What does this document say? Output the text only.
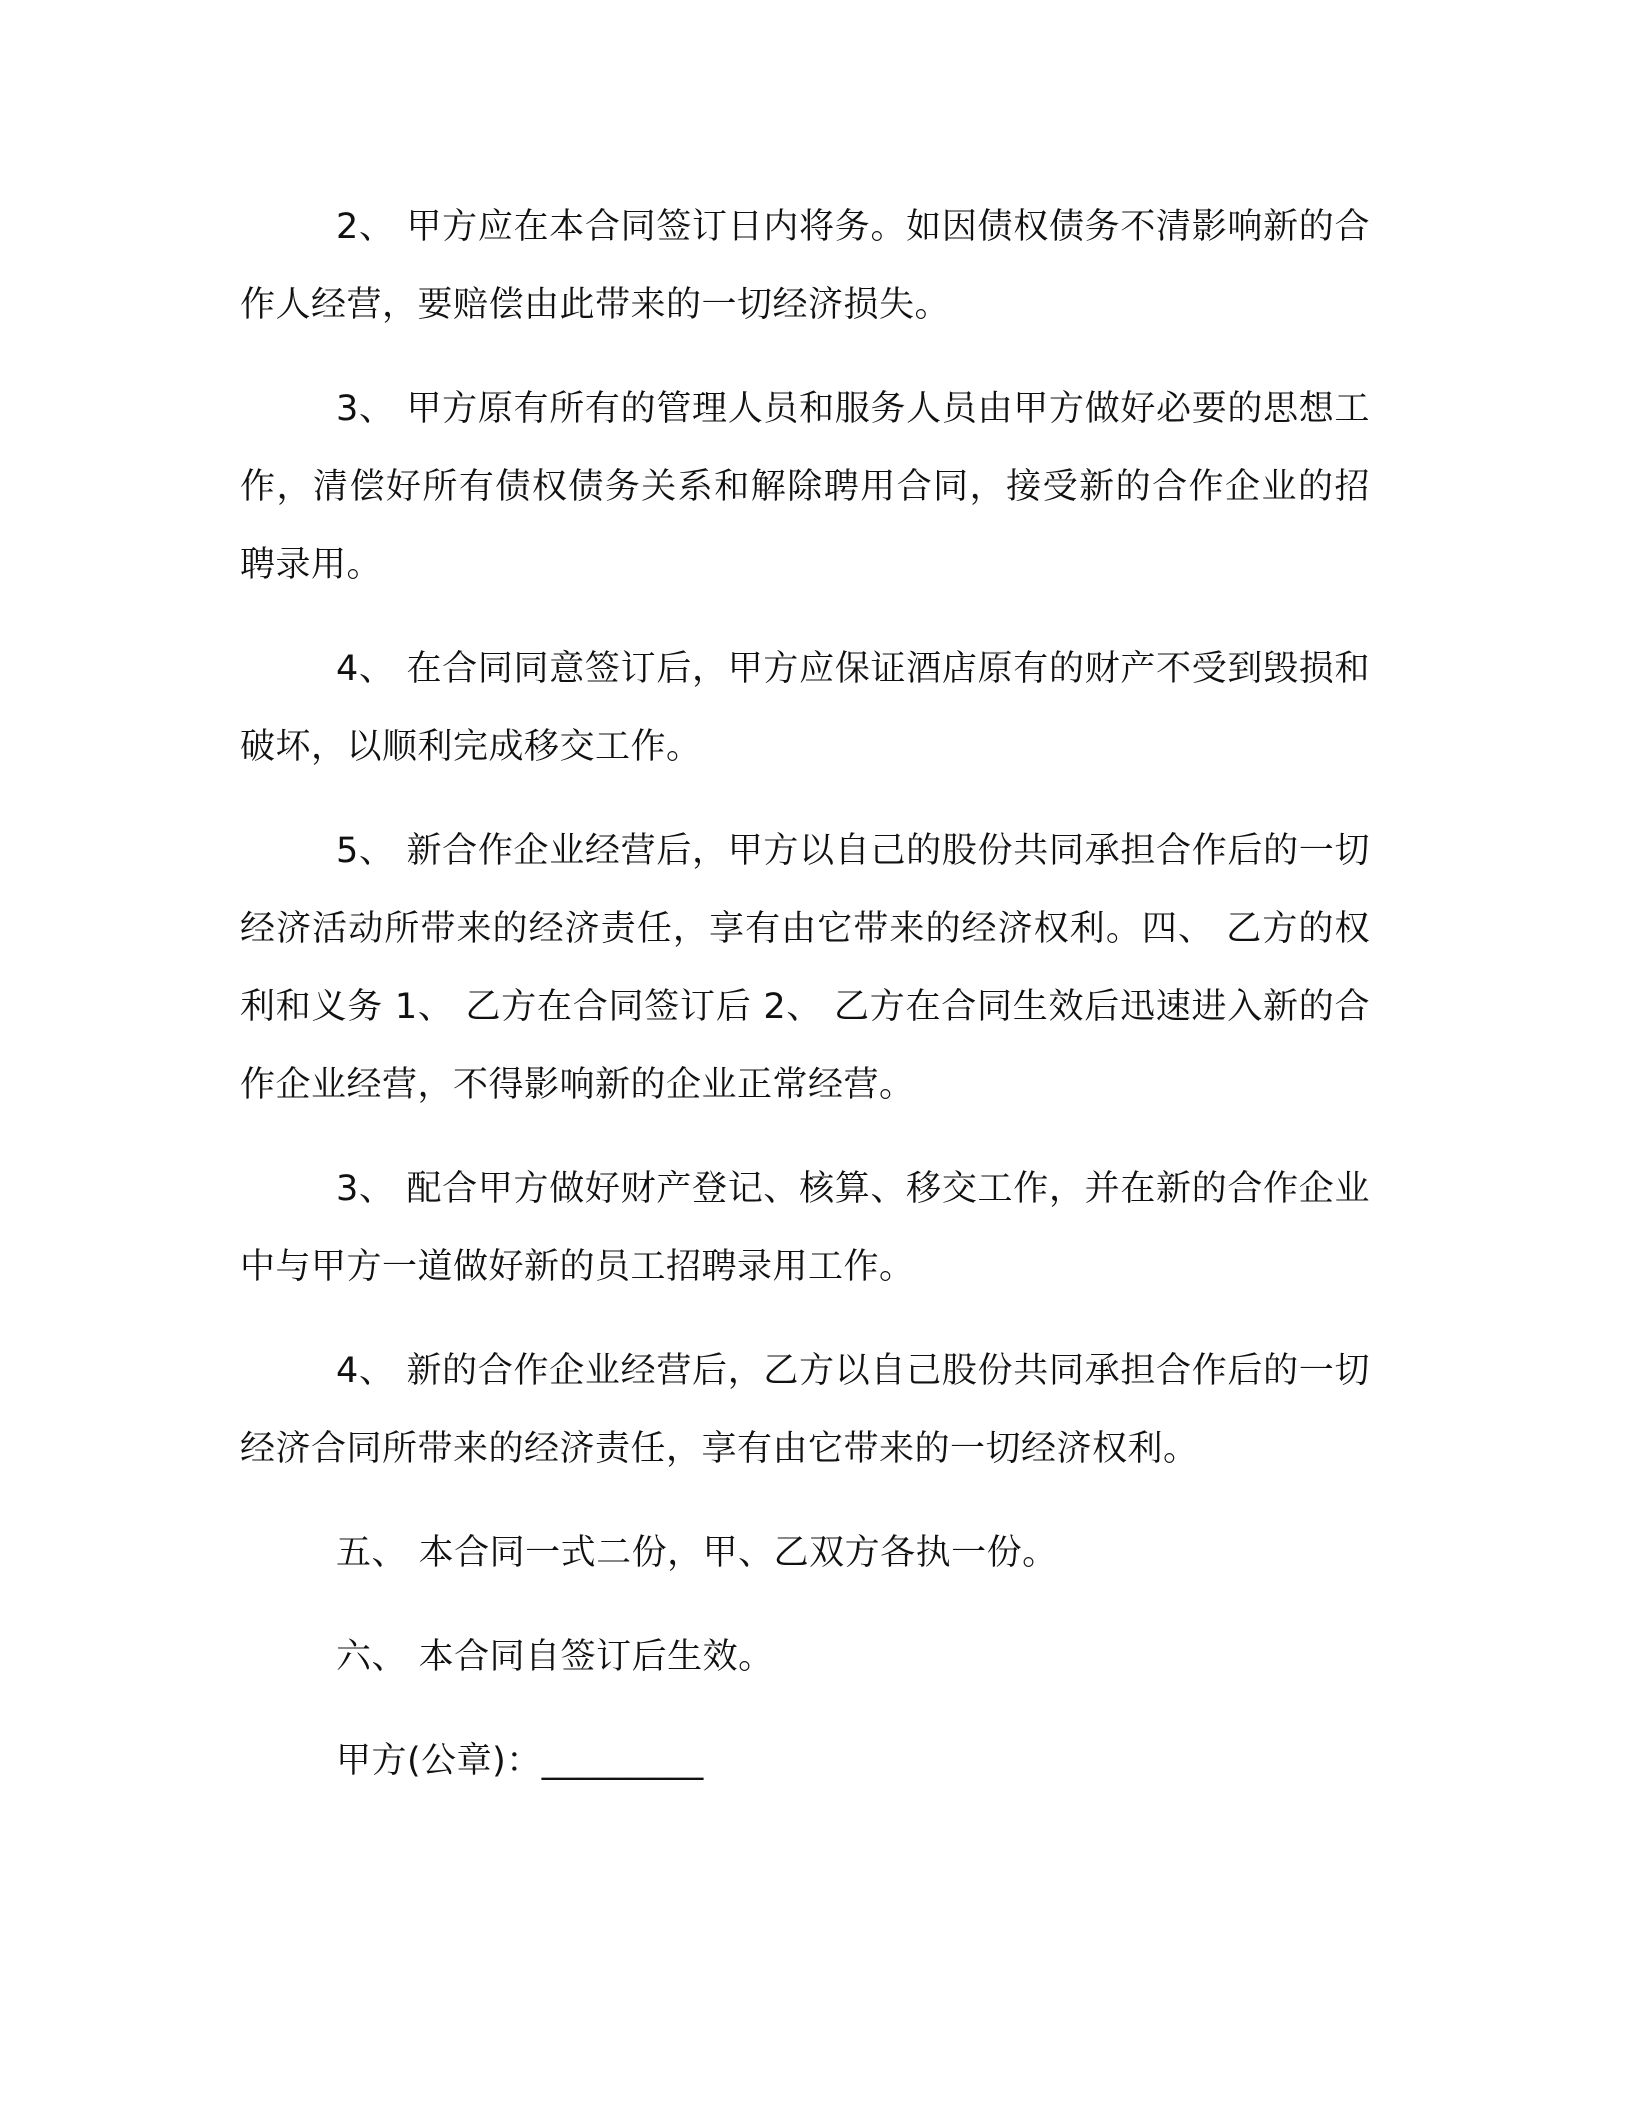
2、 甲方应在本合同签订日内将务。如因债权债务不清影响新的合作人经营，要赔偿由此带来的一切经济损失。

3、 甲方原有所有的管理人员和服务人员由甲方做好必要的思想工作，清偿好所有债权债务关系和解除聘用合同，接受新的合作企业的招聘录用。

4、 在合同同意签订后，甲方应保证酒店原有的财产不受到毁损和破坏，以顺利完成移交工作。

5、 新合作企业经营后，甲方以自己的股份共同承担合作后的一切经济活动所带来的经济责任，享有由它带来的经济权利。四、 乙方的权利和义务 1、 乙方在合同签订后 2、 乙方在合同生效后迅速进入新的合作企业经营，不得影响新的企业正常经营。

3、 配合甲方做好财产登记、核算、移交工作，并在新的合作企业中与甲方一道做好新的员工招聘录用工作。

4、 新的合作企业经营后，乙方以自己股份共同承担合作后的一切经济合同所带来的经济责任，享有由它带来的一切经济权利。

五、 本合同一式二份，甲、乙双方各执一份。

六、 本合同自签订后生效。

甲方(公章)：_________
